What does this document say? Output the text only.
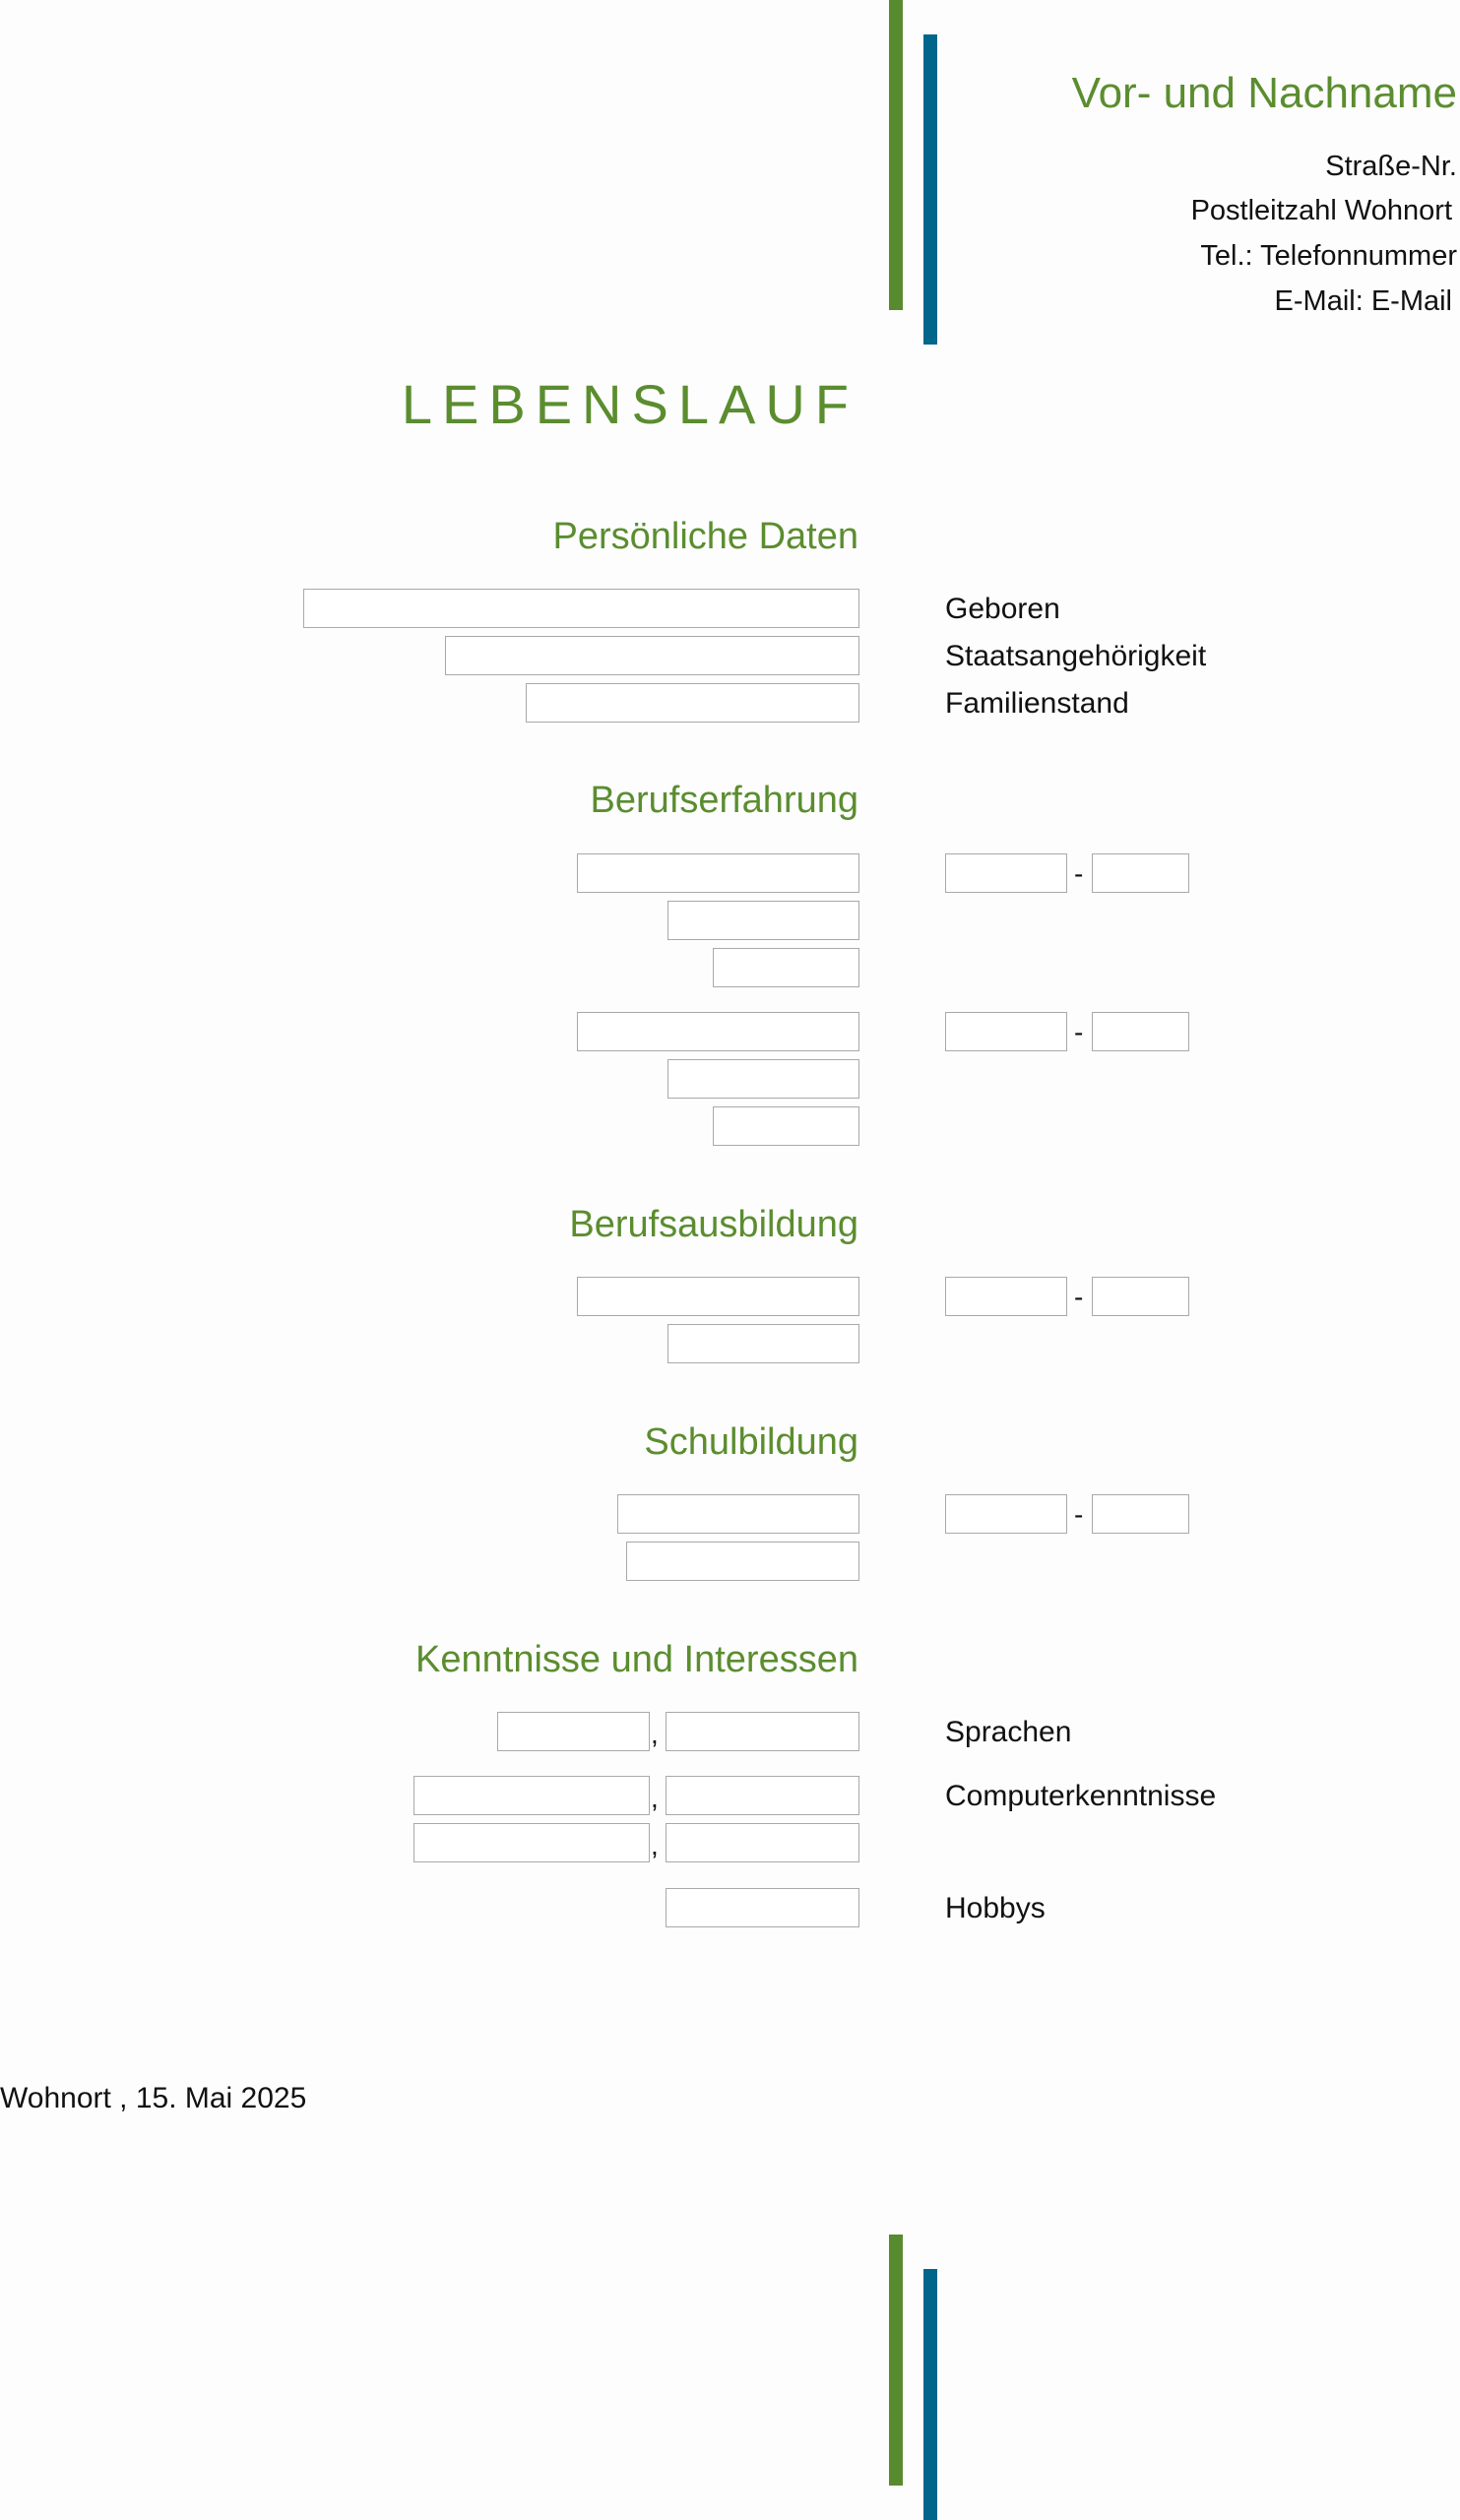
Vor- und Nachname
Straße-Nr.
Postleitzahl Wohnort
Tel.: Telefonnummer
E-Mail: E-Mail
LEBENSLAUF
Persönliche Daten
Geboren
Staatsangehörigkeit
Familienstand
Berufserfahrung
-
-
Berufsausbildung
-
Schulbildung
-
Kenntnisse und Interessen
,	Sprachen
,	Computerkenntnisse
,
Hobbys
Wohnort , 15. Mai 2025
